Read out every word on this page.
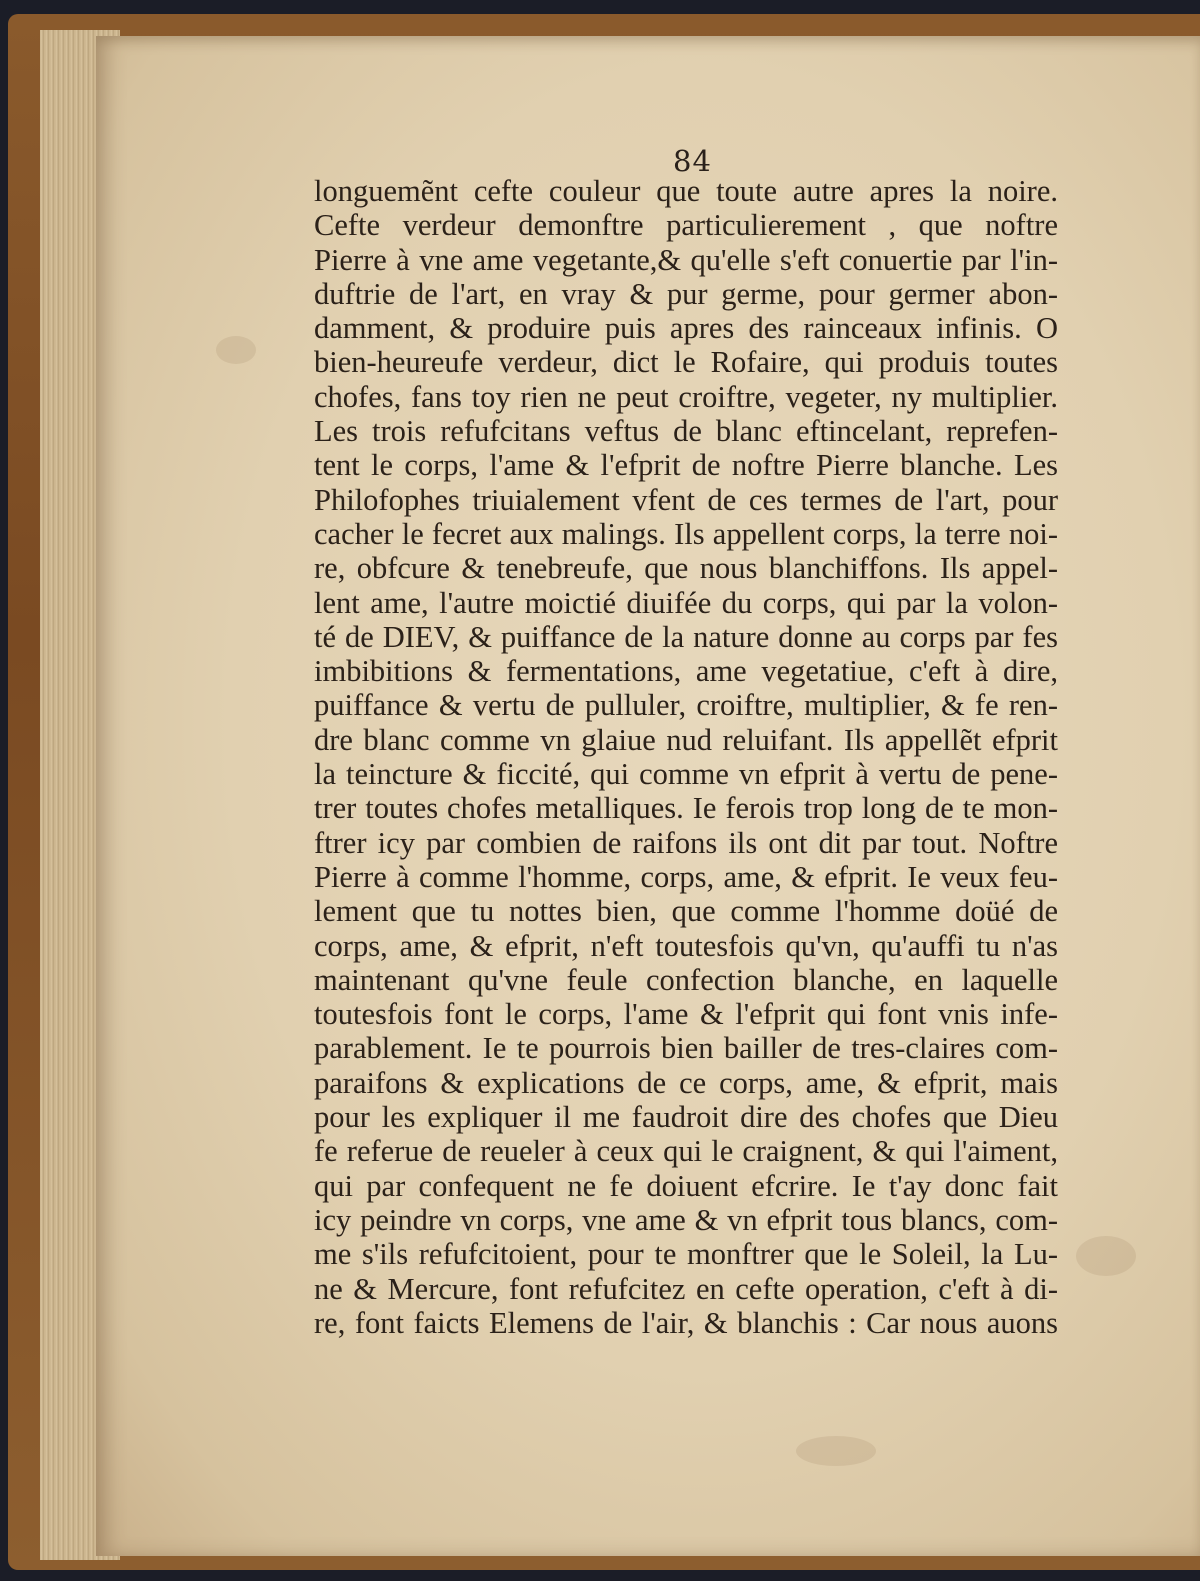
84
longuemẽnt cefte couleur que toute autre apres la noire.
Cefte verdeur demonftre particulierement , que noftre
Pierre à vne ame vegetante,& qu'elle s'eft conuertie par l'in-
duftrie de l'art, en vray & pur germe, pour germer abon-
damment, & produire puis apres des rainceaux infinis. O
bien-heureufe verdeur, dict le Rofaire, qui produis toutes
chofes, fans toy rien ne peut croiftre, vegeter, ny multiplier.
Les trois refufcitans veftus de blanc eftincelant, reprefen-
tent le corps, l'ame & l'efprit de noftre Pierre blanche. Les
Philofophes triuialement vfent de ces termes de l'art, pour
cacher le fecret aux malings. Ils appellent corps, la terre noi-
re, obfcure & tenebreufe, que nous blanchiffons. Ils appel-
lent ame, l'autre moictié diuifée du corps, qui par la volon-
té de DIEV, & puiffance de la nature donne au corps par fes
imbibitions & fermentations, ame vegetatiue, c'eft à dire,
puiffance & vertu de pulluler, croiftre, multiplier, & fe ren-
dre blanc comme vn glaiue nud reluifant. Ils appellẽt efprit
la teincture & ficcité, qui comme vn efprit à vertu de pene-
trer toutes chofes metalliques. Ie ferois trop long de te mon-
ftrer icy par combien de raifons ils ont dit par tout. Noftre
Pierre à comme l'homme, corps, ame, & efprit. Ie veux feu-
lement que tu nottes bien, que comme l'homme doüé de
corps, ame, & efprit, n'eft toutesfois qu'vn, qu'auffi tu n'as
maintenant qu'vne feule confection blanche, en laquelle
toutesfois font le corps, l'ame & l'efprit qui font vnis infe-
parablement. Ie te pourrois bien bailler de tres-claires com-
paraifons & explications de ce corps, ame, & efprit, mais
pour les expliquer il me faudroit dire des chofes que Dieu
fe referue de reueler à ceux qui le craignent, & qui l'aiment,
qui par confequent ne fe doiuent efcrire. Ie t'ay donc fait
icy peindre vn corps, vne ame & vn efprit tous blancs, com-
me s'ils refufcitoient, pour te monftrer que le Soleil, la Lu-
ne & Mercure, font refufcitez en cefte operation, c'eft à di-
re, font faicts Elemens de l'air, & blanchis : Car nous auons
